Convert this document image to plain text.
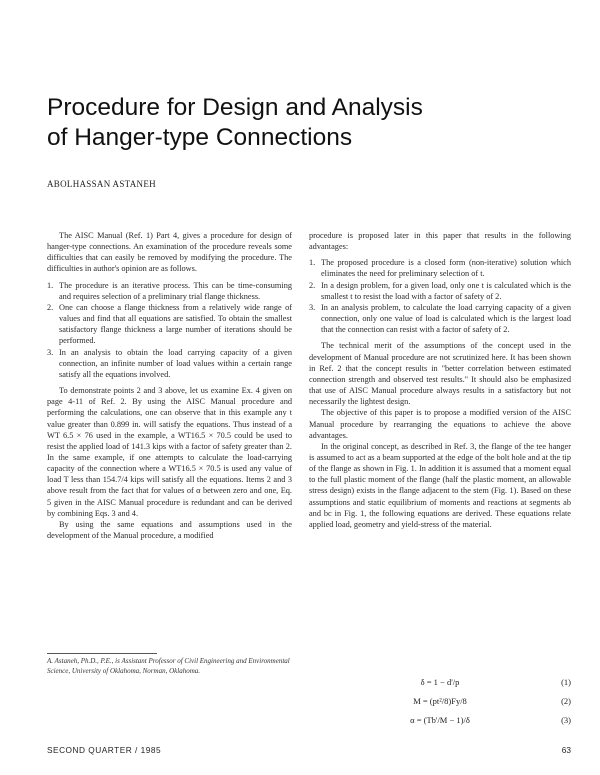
Procedure for Design and Analysis
of Hanger-type Connections
ABOLHASSAN ASTANEH

The AISC Manual (Ref. 1) Part 4, gives a procedure for design of hanger-type connections. An examination of the procedure reveals some difficulties that can easily be removed by modifying the procedure. The difficulties in author's opinion are as follows.

1. The procedure is an iterative process. This can be time-consuming and requires selection of a preliminary trial flange thickness.
2. One can choose a flange thickness from a relatively wide range of values and find that all equations are satisfied. To obtain the smallest satisfactory flange thickness a large number of iterations should be performed.
3. In an analysis to obtain the load carrying capacity of a given connection, an infinite number of load values within a certain range satisfy all the equations involved.

To demonstrate points 2 and 3 above, let us examine Ex. 4 given on page 4-11 of Ref. 2. By using the AISC Manual procedure and performing the calculations, one can observe that in this example any t value greater than 0.899 in. will satisfy the equations. Thus instead of a WT 6.5 × 76 used in the example, a WT16.5 × 70.5 could be used to resist the applied load of 141.3 kips with a factor of safety greater than 2. In the same example, if one attempts to calculate the load-carrying capacity of the connection where a WT16.5 × 70.5 is used any value of load T less than 154.7/4 kips will satisfy all the equations. Items 2 and 3 above result from the fact that for values of α between zero and one, Eq. 5 given in the AISC Manual procedure is redundant and can be derived by combining Eqs. 3 and 4.

By using the same equations and assumptions used in the development of the Manual procedure, a modified

A. Astaneh, Ph.D., P.E., is Assistant Professor of Civil Engineering and Environmental Science, University of Oklahoma, Norman, Oklahoma.

procedure is proposed later in this paper that results in the following advantages:

1. The proposed procedure is a closed form (non-iterative) solution which eliminates the need for preliminary selection of t.
2. In a design problem, for a given load, only one t is calculated which is the smallest t to resist the load with a factor of safety of 2.
3. In an analysis problem, to calculate the load carrying capacity of a given connection, only one value of load is calculated which is the largest load that the connection can resist with a factor of safety of 2.

The technical merit of the assumptions of the concept used in the development of Manual procedure are not scrutinized here. It has been shown in Ref. 2 that the concept results in "better correlation between estimated connection strength and observed test results." It should also be emphasized that use of AISC Manual procedure always results in a satisfactory but not necessarily the lightest design.

The objective of this paper is to propose a modified version of the AISC Manual procedure by rearranging the equations to achieve the above advantages.

In the original concept, as described in Ref. 3, the flange of the tee hanger is assumed to act as a beam supported at the edge of the bolt hole and at the tip of the flange as shown in Fig. 1. In addition it is assumed that a moment equal to the full plastic moment of the flange (half the plastic moment, an allowable stress design) exists in the flange adjacent to the stem (Fig. 1). Based on these assumptions and static equilibrium of moments and reactions at segments ab and bc in Fig. 1, the following equations are derived. These equations relate applied load, geometry and yield-stress of the material.

δ = 1 − d'/p	(1)
M = (pt²/8)Fy/8	(2)
α = (Tb'/M − 1)/δ	(3)
SECOND QUARTER / 1985	63
